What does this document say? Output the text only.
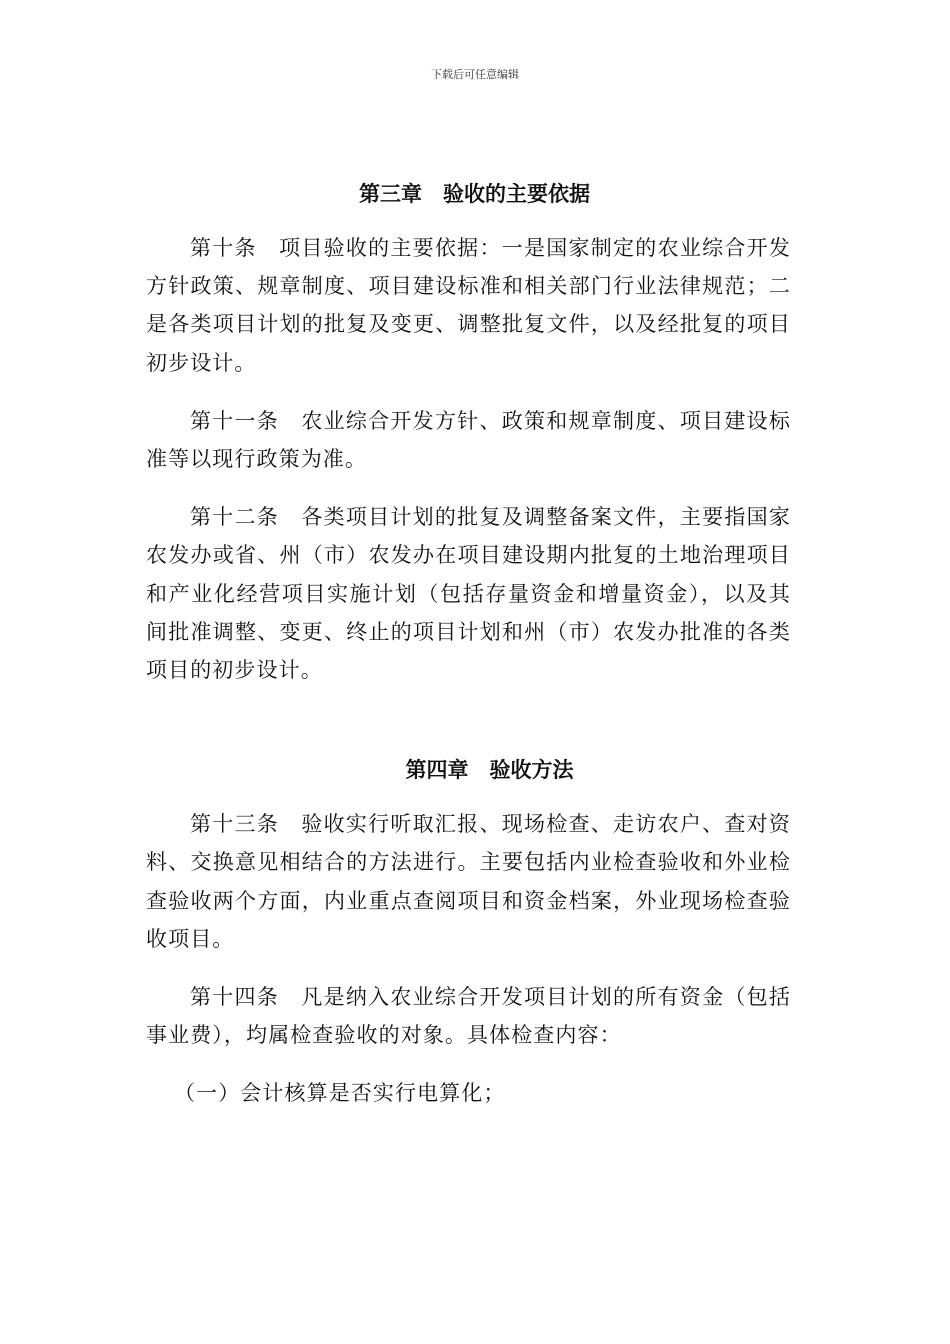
下载后可任意编辑
第三章　验收的主要依据

第十条　项目验收的主要依据：一是国家制定的农业综合开发方针政策、规章制度、项目建设标准和相关部门行业法律规范；二是各类项目计划的批复及变更、调整批复文件，以及经批复的项目初步设计。

第十一条　农业综合开发方针、政策和规章制度、项目建设标准等以现行政策为准。

第十二条　各类项目计划的批复及调整备案文件，主要指国家农发办或省、州（市）农发办在项目建设期内批复的土地治理项目和产业化经营项目实施计划（包括存量资金和增量资金），以及其间批准调整、变更、终止的项目计划和州（市）农发办批准的各类项目的初步设计。

第四章　验收方法

第十三条　验收实行听取汇报、现场检查、走访农户、查对资料、交换意见相结合的方法进行。主要包括内业检查验收和外业检查验收两个方面，内业重点查阅项目和资金档案，外业现场检查验收项目。

第十四条　凡是纳入农业综合开发项目计划的所有资金（包括事业费），均属检查验收的对象。具体检查内容：

（一）会计核算是否实行电算化；
